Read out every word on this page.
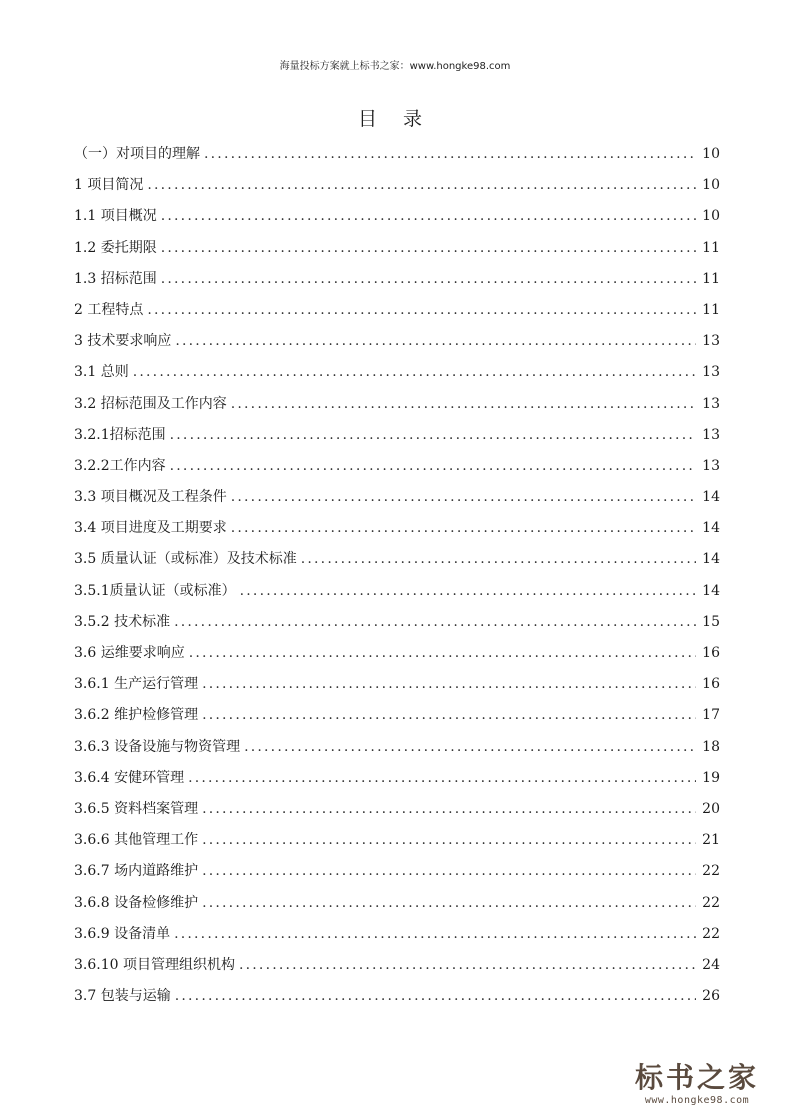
海量投标方案就上标书之家：www.hongke98.com
目 录
（一）对项目的理解 .....	10
1 项目简况 .....	10
1.1 项目概况 .....	10
1.2 委托期限 .....	11
1.3 招标范围 .....	11
2 工程特点 .....	11
3 技术要求响应 .....	13
3.1 总则 .....	13
3.2 招标范围及工作内容 .....	13
3.2.1招标范围 .....	13
3.2.2工作内容 .....	13
3.3 项目概况及工程条件 .....	14
3.4 项目进度及工期要求 .....	14
3.5 质量认证（或标准）及技术标准 .....	14
3.5.1质量认证（或标准） .....	14
3.5.2 技术标准 .....	15
3.6 运维要求响应 .....	16
3.6.1 生产运行管理 .....	16
3.6.2 维护检修管理 .....	17
3.6.3 设备设施与物资管理 .....	18
3.6.4 安健环管理 .....	19
3.6.5 资料档案管理 .....	20
3.6.6 其他管理工作 .....	21
3.6.7 场内道路维护 .....	22
3.6.8 设备检修维护 .....	22
3.6.9 设备清单 .....	22
3.6.10 项目管理组织机构 .....	24
3.7 包装与运输 .....	26
标书之家
www.hongke98.com
